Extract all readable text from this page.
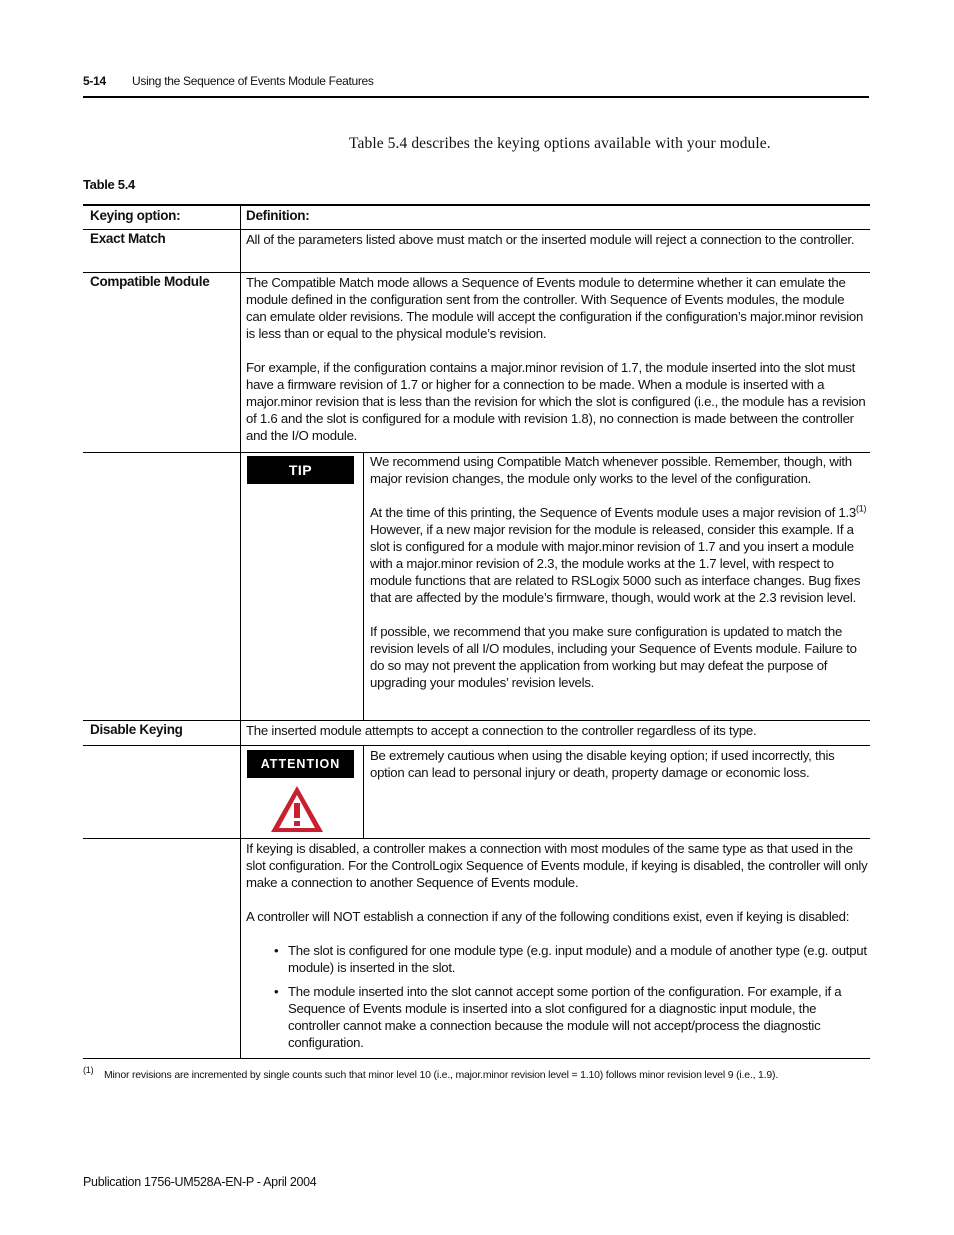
5-14 Using the Sequence of Events Module Features
Table 5.4 describes the keying options available with your module.
Table 5.4
Keying option:	Definition:
Exact Match	All of the parameters listed above must match or the inserted module will reject a connection to the controller.
Compatible Module	The Compatible Match mode allows a Sequence of Events module to determine whether it can emulate the module defined in the configuration sent from the controller. With Sequence of Events modules, the module can emulate older revisions. The module will accept the configuration if the configuration’s major.minor revision is less than or equal to the physical module’s revision.

For example, if the configuration contains a major.minor revision of 1.7, the module inserted into the slot must have a firmware revision of 1.7 or higher for a connection to be made. When a module is inserted with a major.minor revision that is less than the revision for which the slot is configured (i.e., the module has a revision of 1.6 and the slot is configured for a module with revision 1.8), no connection is made between the controller and the I/O module.

TIP

We recommend using Compatible Match whenever possible. Remember, though, with major revision changes, the module only works to the level of the configuration.

At the time of this printing, the Sequence of Events module uses a major revision of 1.3$^{(1)}$ However, if a new major revision for the module is released, consider this example. If a slot is configured for a module with major.minor revision of 1.7 and you insert a module with a major.minor revision of 2.3, the module works at the 1.7 level, with respect to module functions that are related to RSLogix 5000 such as interface changes. Bug fixes that are affected by the module’s firmware, though, would work at the 2.3 revision level.

If possible, we recommend that you make sure configuration is updated to match the revision levels of all I/O modules, including your Sequence of Events module. Failure to do so may not prevent the application from working but may defeat the purpose of upgrading your modules’ revision levels.

Disable Keying	The inserted module attempts to accept a connection to the controller regardless of its type.
ATTENTION
Be extremely cautious when using the disable keying option; if used incorrectly, this option can lead to personal injury or death, property damage or economic loss.

If keying is disabled, a controller makes a connection with most modules of the same type as that used in the slot configuration. For the ControlLogix Sequence of Events module, if keying is disabled, the controller will only make a connection to another Sequence of Events module.

A controller will NOT establish a connection if any of the following conditions exist, even if keying is disabled:

• The slot is configured for one module type (e.g. input module) and a module of another type (e.g. output module) is inserted in the slot.
• The module inserted into the slot cannot accept some portion of the configuration. For example, if a Sequence of Events module is inserted into a slot configured for a diagnostic input module, the controller cannot make a connection because the module will not accept/process the diagnostic configuration.
(1) Minor revisions are incremented by single counts such that minor level 10 (i.e., major.minor revision level = 1.10) follows minor revision level 9 (i.e., 1.9).
Publication 1756-UM528A-EN-P - April 2004
